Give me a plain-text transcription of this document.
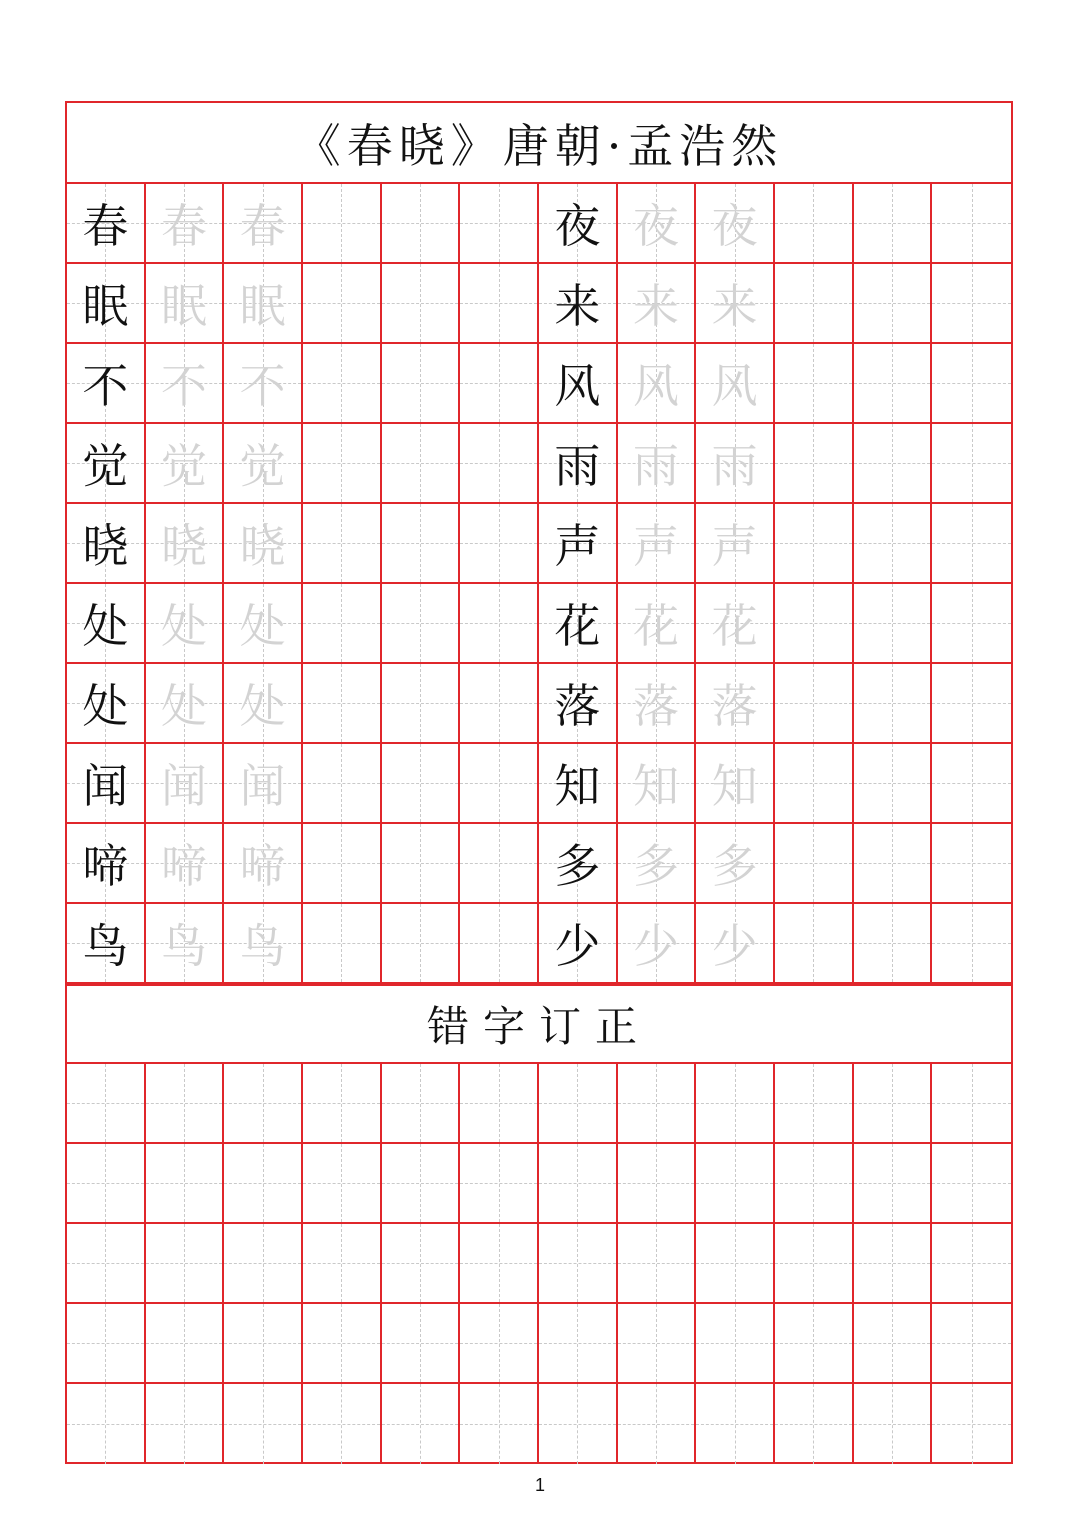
《春晓》唐朝·孟浩然
春 春 春	夜 夜 夜
眠 眠 眠	来 来 来
不 不 不	风 风 风
觉 觉 觉	雨 雨 雨
晓 晓 晓	声 声 声
处 处 处	花 花 花
处 处 处	落 落 落
闻 闻 闻	知 知 知
啼 啼 啼	多 多 多
鸟 鸟 鸟	少 少 少
错字订正
1
